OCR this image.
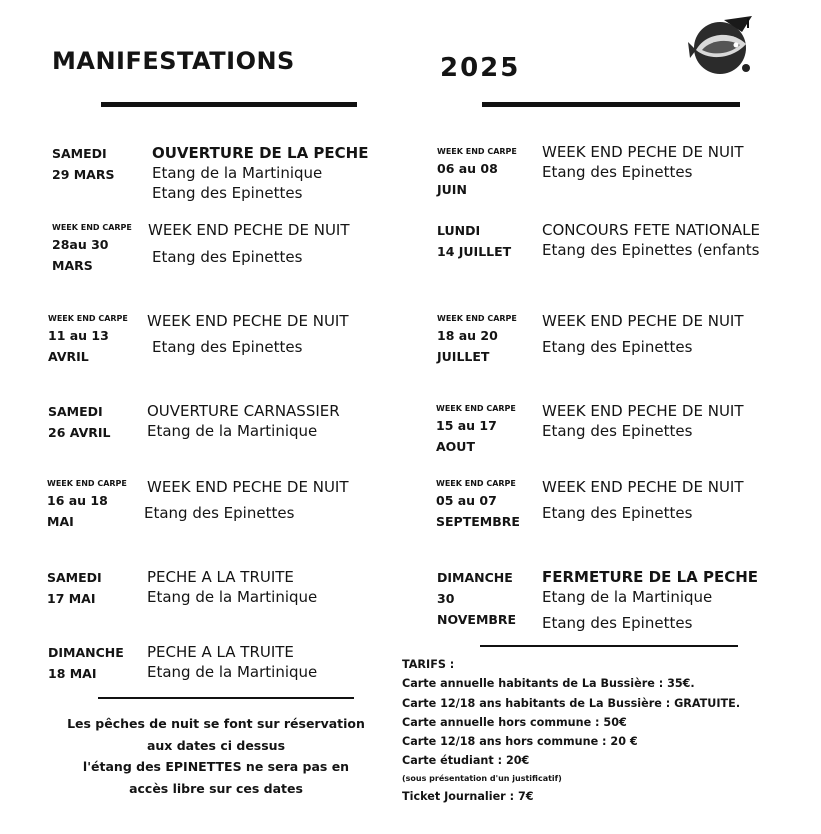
MANIFESTATIONS	2025
SAMEDI
29 MARS
OUVERTURE DE LA PECHE
Etang de la Martinique
Etang des Epinettes
WEEK END CARPE
28au 30
MARS
WEEK END PECHE DE NUIT
Etang des Epinettes
WEEK END CARPE
11 au 13
AVRIL
WEEK END PECHE DE NUIT
Etang des Epinettes
SAMEDI
26 AVRIL
OUVERTURE CARNASSIER
Etang de la Martinique
WEEK END CARPE
16 au 18
MAI
WEEK END PECHE DE NUIT
Etang des Epinettes
SAMEDI
17 MAI
PECHE A LA TRUITE
Etang de la Martinique
DIMANCHE
18 MAI
PECHE A LA TRUITE
Etang de la Martinique
Les pêches de nuit se font sur réservation
aux dates ci dessus
l'étang des EPINETTES ne sera pas en
accès libre sur ces dates
WEEK END CARPE
06 au 08
JUIN
WEEK END PECHE DE NUIT
Etang des Epinettes
LUNDI
14 JUILLET
CONCOURS FETE NATIONALE
Etang des Epinettes (enfants
WEEK END CARPE
18 au 20
JUILLET
WEEK END PECHE DE NUIT
Etang des Epinettes
WEEK END CARPE
15 au 17
AOUT
WEEK END PECHE DE NUIT
Etang des Epinettes
WEEK END CARPE
05 au 07
SEPTEMBRE
WEEK END PECHE DE NUIT
Etang des Epinettes
DIMANCHE
30
NOVEMBRE
FERMETURE DE LA PECHE
Etang de la Martinique
Etang des Epinettes
TARIFS :
Carte annuelle habitants de La Bussière : 35€.
Carte 12/18 ans habitants de La Bussière : GRATUITE.
Carte annuelle hors commune : 50€
Carte 12/18 ans hors commune : 20 €
Carte étudiant : 20€
(sous présentation d'un justificatif)
Ticket Journalier : 7€
